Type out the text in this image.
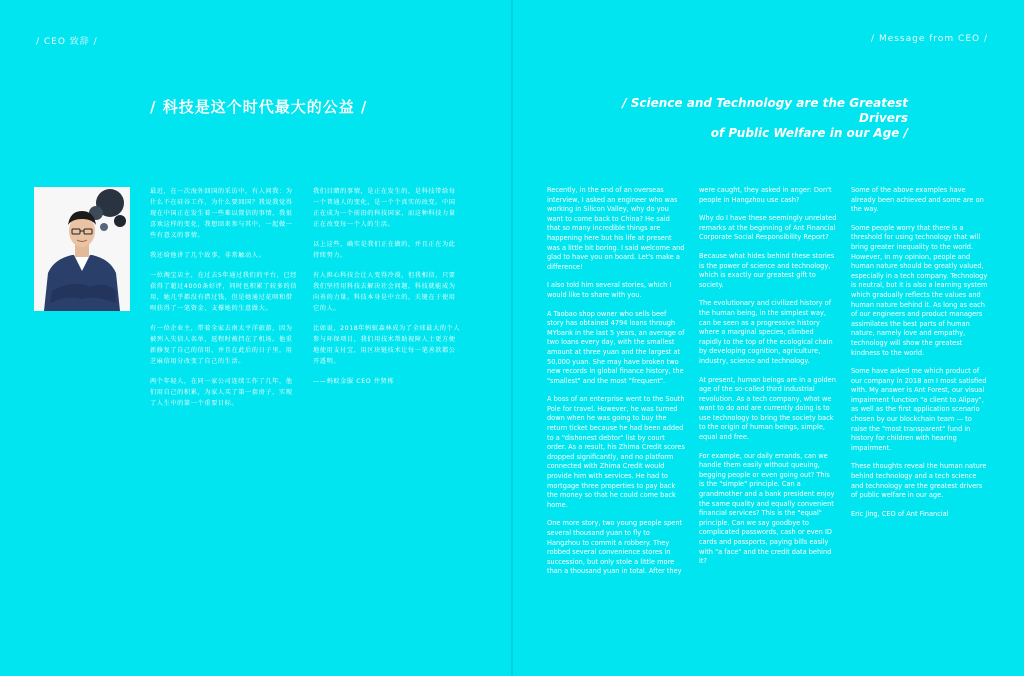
/ CEO 致辞 /	/ Message from CEO /
/ 科技是这个时代最大的公益 /	/ Science and Technology are the Greatest Drivers
of Public Welfare in our Age /

最近，在一次海外回国的采访中，有人问我：为什么不在硅谷工作，为什么要回国？我说我觉得现在中国正在发生着一些难以置信的事情，我很喜欢这样的变化，我想回来参与其中，一起做一些有意义的事情。

我还给他讲了几个故事，非常触动人。

一位淘宝店主，在过去5年通过我们的平台，已经获得了超过4000条好评，同时也积累了较多的信用，她几乎都没有借过钱，但是她通过花呗和借呗获得了一笔资金，支撑她的生意做大。

有一位企业主，带着全家去南太平洋旅游，因为被列入失信人名单，返程时被挡在了机场。他重新修复了自己的信用，并且在此后的日子里，用芝麻信用分改变了自己的生活。

两个年轻人，在同一家公司连续工作了几年，他们用自己的积累，为家人买了第一套房子，实现了人生中的第一个重要目标。

我们目睹的事情，是正在发生的，是科技带给每一个普通人的变化，是一个个真实的改变。中国正在成为一个前沿的科技国家，而这种科技力量正在改变每一个人的生活。

以上这些，确实是我们正在做的，并且正在为此持续努力。

有人担心科技会让人变得冷漠，但我相信，只要我们坚持用科技去解决社会问题，科技就能成为向善的力量。科技本身是中立的，关键在于使用它的人。

比如说，2018年蚂蚁森林成为了全球最大的个人参与环保项目，我们用技术帮助视障人士更方便地使用支付宝，用区块链技术让每一笔善款都公开透明。

——蚂蚁金服 CEO 井贤栋

Recently, in the end of an overseas interview, I asked an engineer who was working in Silicon Valley, why do you want to come back to China? He said that so many incredible things are happening here but his life at present was a little bit boring. I said welcome and glad to have you on board. Let's make a difference!

I also told him several stories, which I would like to share with you.

A Taobao shop owner who sells beef story has obtained 4794 loans through MYbank in the last 5 years, an average of two loans every day, with the smallest amount at three yuan and the largest at 50,000 yuan. She may have broken two new records in global finance history, the "smallest" and the most "frequent".

A boss of an enterprise went to the South Pole for travel. However, he was turned down when he was going to buy the return ticket because he had been added to a "dishonest debtor" list by court order. As a result, his Zhima Credit scores dropped significantly, and no platform connected with Zhima Credit would provide him with services. He had to mortgage three properties to pay back the money so that he could come back home.

One more story, two young people spent several thousand yuan to fly to Hangzhou to commit a robbery. They robbed several convenience stores in succession, but only stole a little more than a thousand yuan in total. After they

were caught, they asked in anger: Don't people in Hangzhou use cash?

Why do I have these seemingly unrelated remarks at the beginning of Ant Financial Corporate Social Responsibility Report?

Because what hides behind these stories is the power of science and technology, which is exactly our greatest gift to society.

The evolutionary and civilized history of the human being, in the simplest way, can be seen as a progressive history where a marginal species, climbed rapidly to the top of the ecological chain by developing cognition, agriculture, industry, science and technology.

At present, human beings are in a golden age of the so-called third industrial revolution. As a tech company, what we want to do and are currently doing is to use technology to bring the society back to the origin of human beings, simple, equal and free.

For example, our daily errands, can we handle them easily without queuing, begging people or even going out? This is the "simple" principle. Can a grandmother and a bank president enjoy the same quality and equally convenient financial services? This is the "equal" principle. Can we say goodbye to complicated passwords, cash or even ID cards and passports, paying bills easily with "a face" and the credit data behind it?

Some of the above examples have already been achieved and some are on the way.

Some people worry that there is a threshold for using technology that will bring greater inequality to the world. However, in my opinion, people and human nature should be greatly valued, especially in a tech company. Technology is neutral, but it is also a learning system which gradually reflects the values and human nature behind it. As long as each of our engineers and product managers assimilates the best parts of human nature, namely love and empathy, technology will show the greatest kindness to the world.

Some have asked me which product of our company in 2018 am I most satisfied with. My answer is Ant Forest, our visual impairment function "a client to Alipay", as well as the first application scenario chosen by our blockchain team — to raise the "most transparent" fund in history for children with hearing impairment.

These thoughts reveal the human nature behind technology and a tech science and technology are the greatest drivers of public welfare in our age.

Eric Jing, CEO of Ant Financial
